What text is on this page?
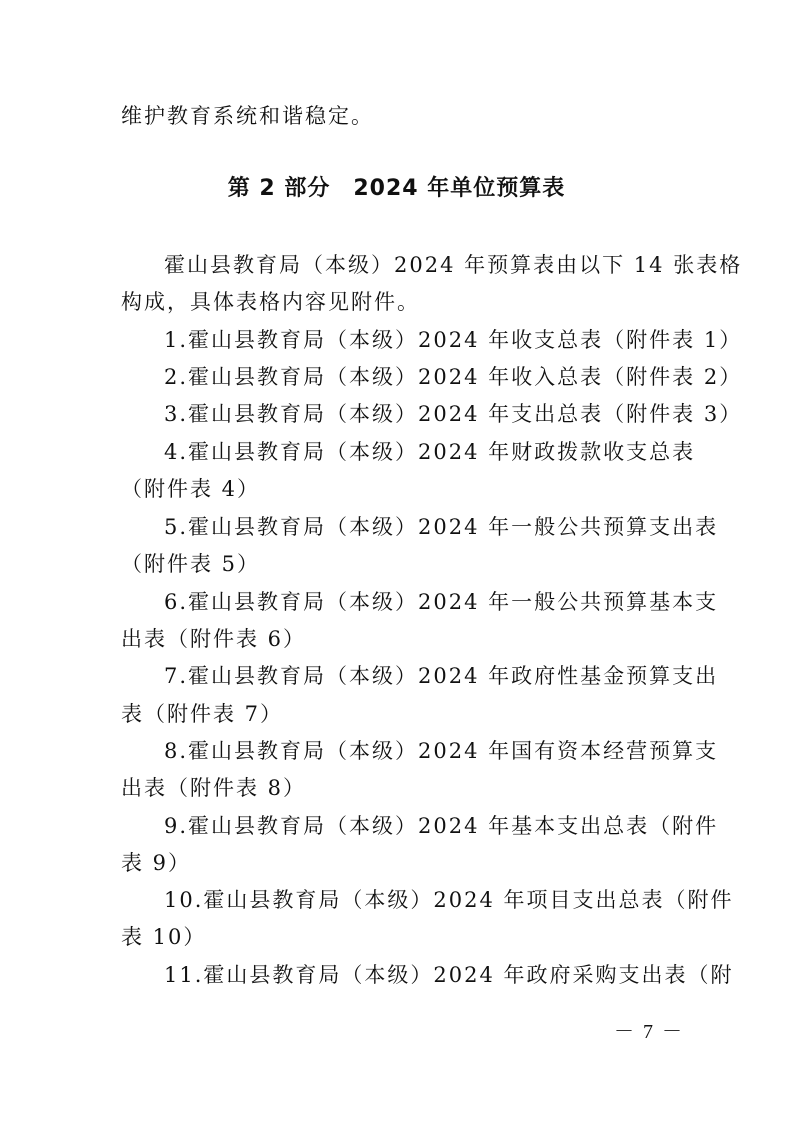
维护教育系统和谐稳定。
第 2 部分　2024 年单位预算表
霍山县教育局（本级）2024 年预算表由以下 14 张表格
构成，具体表格内容见附件。
1.霍山县教育局（本级）2024 年收支总表（附件表 1）
2.霍山县教育局（本级）2024 年收入总表（附件表 2）
3.霍山县教育局（本级）2024 年支出总表（附件表 3）
4.霍山县教育局（本级）2024 年财政拨款收支总表
（附件表 4）
5.霍山县教育局（本级）2024 年一般公共预算支出表
（附件表 5）
6.霍山县教育局（本级）2024 年一般公共预算基本支
出表（附件表 6）
7.霍山县教育局（本级）2024 年政府性基金预算支出
表（附件表 7）
8.霍山县教育局（本级）2024 年国有资本经营预算支
出表（附件表 8）
9.霍山县教育局（本级）2024 年基本支出总表（附件
表 9）
10.霍山县教育局（本级）2024 年项目支出总表（附件
表 10）
11.霍山县教育局（本级）2024 年政府采购支出表（附
－ 7 －
